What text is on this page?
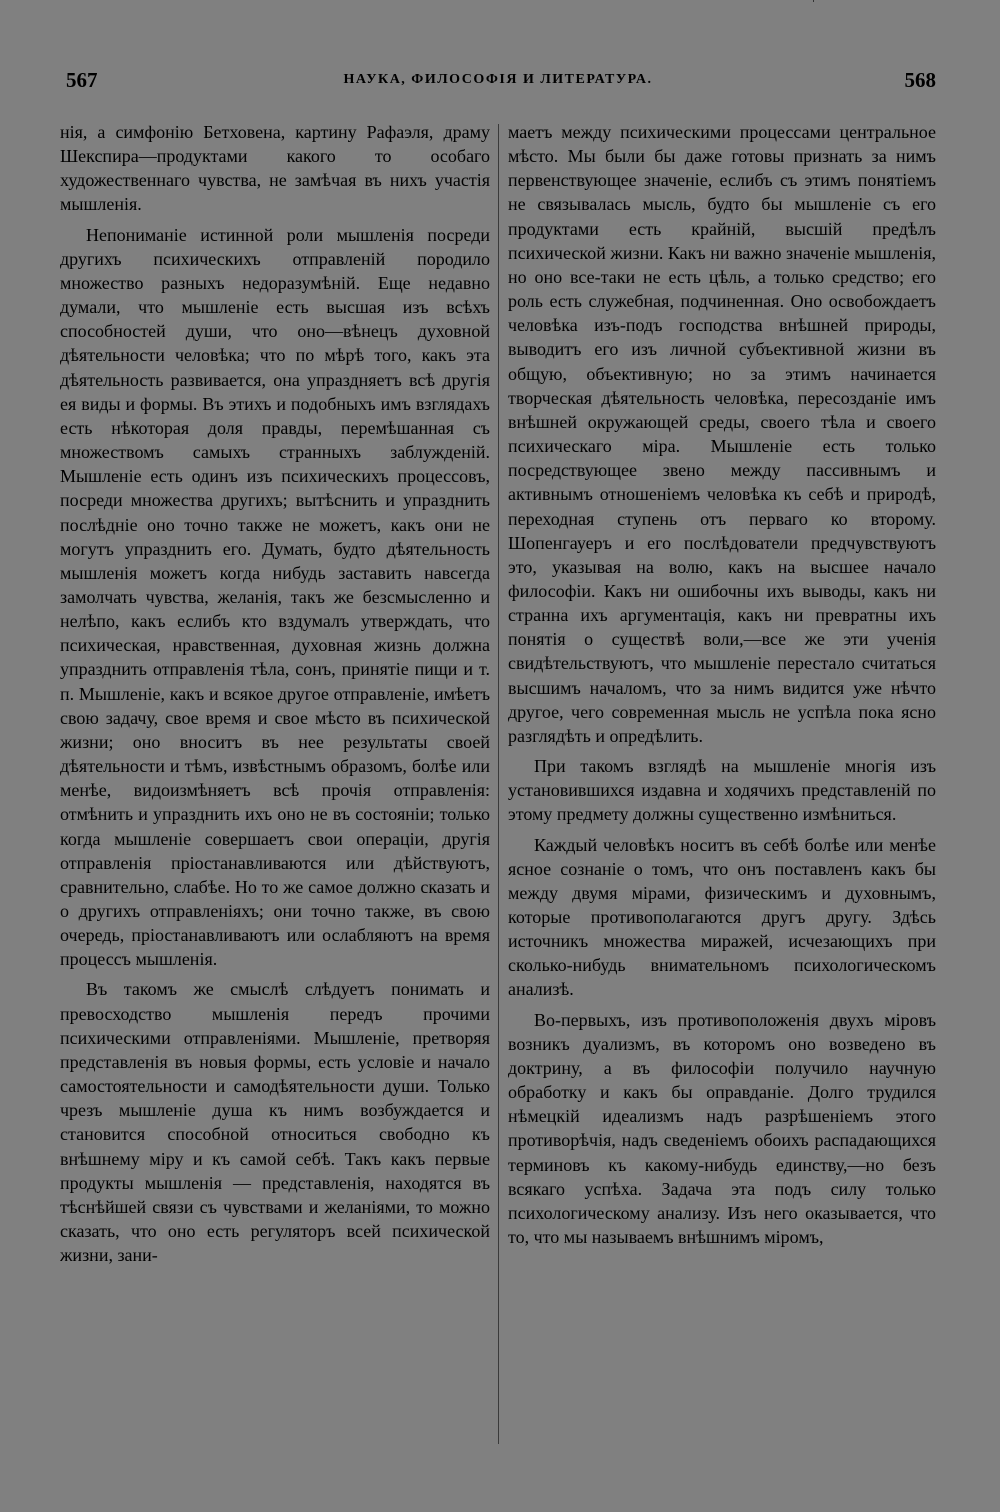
567	НАУКА, ФИЛОСОФІЯ И ЛИТЕРАТУРА.	568

нія, а симфонію Бетховена, картину Рафаэля, драму Шекспира—продуктами какого то особаго художественнаго чувства, не замѣчая въ нихъ участія мышленія.

Непониманіе истинной роли мышленія посреди другихъ психическихъ отправленій породило множество разныхъ недоразумѣній. Еще недавно думали, что мышленіе есть высшая изъ всѣхъ способностей души, что оно—вѣнецъ духовной дѣятельности человѣка; что по мѣрѣ того, какъ эта дѣятельность развивается, она упраздняетъ всѣ другія ея виды и формы. Въ этихъ и подобныхъ имъ взглядахъ есть нѣкоторая доля правды, перемѣшанная съ множествомъ самыхъ странныхъ заблужденій. Мышленіе есть одинъ изъ психическихъ процессовъ, посреди множества другихъ; вытѣснить и упразднить послѣдніе оно точно также не можетъ, какъ они не могутъ упразднить его. Думать, будто дѣятельность мышленія можетъ когда нибудь заставить навсегда замолчать чувства, желанія, такъ же безсмысленно и нелѣпо, какъ еслибъ кто вздумалъ утверждать, что психическая, нравственная, духовная жизнь должна упразднить отправленія тѣла, сонъ, принятіе пищи и т. п. Мышленіе, какъ и всякое другое отправленіе, имѣетъ свою задачу, свое время и свое мѣсто въ психической жизни; оно вноситъ въ нее результаты своей дѣятельности и тѣмъ, извѣстнымъ образомъ, болѣе или менѣе, видоизмѣняетъ всѣ прочія отправленія: отмѣнить и упразднить ихъ оно не въ состояніи; только когда мышленіе совершаетъ свои операціи, другія отправленія пріостанавливаются или дѣйствуютъ, сравнительно, слабѣе. Но то же самое должно сказать и о другихъ отправленіяхъ; они точно также, въ свою очередь, пріостанавливаютъ или ослабляютъ на время процессъ мышленія.

Въ такомъ же смыслѣ слѣдуетъ понимать и превосходство мышленія передъ прочими психическими отправленіями. Мышленіе, претворяя представленія въ новыя формы, есть условіе и начало самостоятельности и самодѣятельности души. Только чрезъ мышленіе душа къ нимъ возбуждается и становится способной относиться свободно къ внѣшнему міру и къ самой себѣ. Такъ какъ первые продукты мышленія — представленія, находятся въ тѣснѣйшей связи съ чувствами и желаніями, то можно сказать, что оно есть регуляторъ всей психической жизни, зани-

маетъ между психическими процессами центральное мѣсто. Мы были бы даже готовы признать за нимъ первенствующее значеніе, еслибъ съ этимъ понятіемъ не связывалась мысль, будто бы мышленіе съ его продуктами есть крайній, высшій предѣлъ психической жизни. Какъ ни важно значеніе мышленія, но оно все-таки не есть цѣль, а только средство; его роль есть служебная, подчиненная. Оно освобождаетъ человѣка изъ-подъ господства внѣшней природы, выводитъ его изъ личной субъективной жизни въ общую, объективную; но за этимъ начинается творческая дѣятельность человѣка, пересозданіе имъ внѣшней окружающей среды, своего тѣла и своего психическаго міра. Мышленіе есть только посредствующее звено между пассивнымъ и активнымъ отношеніемъ человѣка къ себѣ и природѣ, переходная ступень отъ перваго ко второму. Шопенгауеръ и его послѣдователи предчувствуютъ это, указывая на волю, какъ на высшее начало философіи. Какъ ни ошибочны ихъ выводы, какъ ни странна ихъ аргументація, какъ ни превратны ихъ понятія о существѣ воли,—все же эти ученія свидѣтельствуютъ, что мышленіе перестало считаться высшимъ началомъ, что за нимъ видится уже нѣчто другое, чего современная мысль не успѣла пока ясно разглядѣть и опредѣлить.

При такомъ взглядѣ на мышленіе многія изъ установившихся издавна и ходячихъ представленій по этому предмету должны существенно измѣниться.

Каждый человѣкъ носитъ въ себѣ болѣе или менѣе ясное сознаніе о томъ, что онъ поставленъ какъ бы между двумя мірами, физическимъ и духовнымъ, которые противополагаются другъ другу. Здѣсь источникъ множества миражей, исчезающихъ при сколько-нибудь внимательномъ психологическомъ анализѣ.

Во-первыхъ, изъ противоположенія двухъ міровъ возникъ дуализмъ, въ которомъ оно возведено въ доктрину, а въ философіи получило научную обработку и какъ бы оправданіе. Долго трудился нѣмецкій идеализмъ надъ разрѣшеніемъ этого противорѣчія, надъ сведеніемъ обоихъ распадающихся терминовъ къ какому-нибудь единству,—но безъ всякаго успѣха. Задача эта подъ силу только психологическому анализу. Изъ него оказывается, что то, что мы называемъ внѣшнимъ міромъ,
